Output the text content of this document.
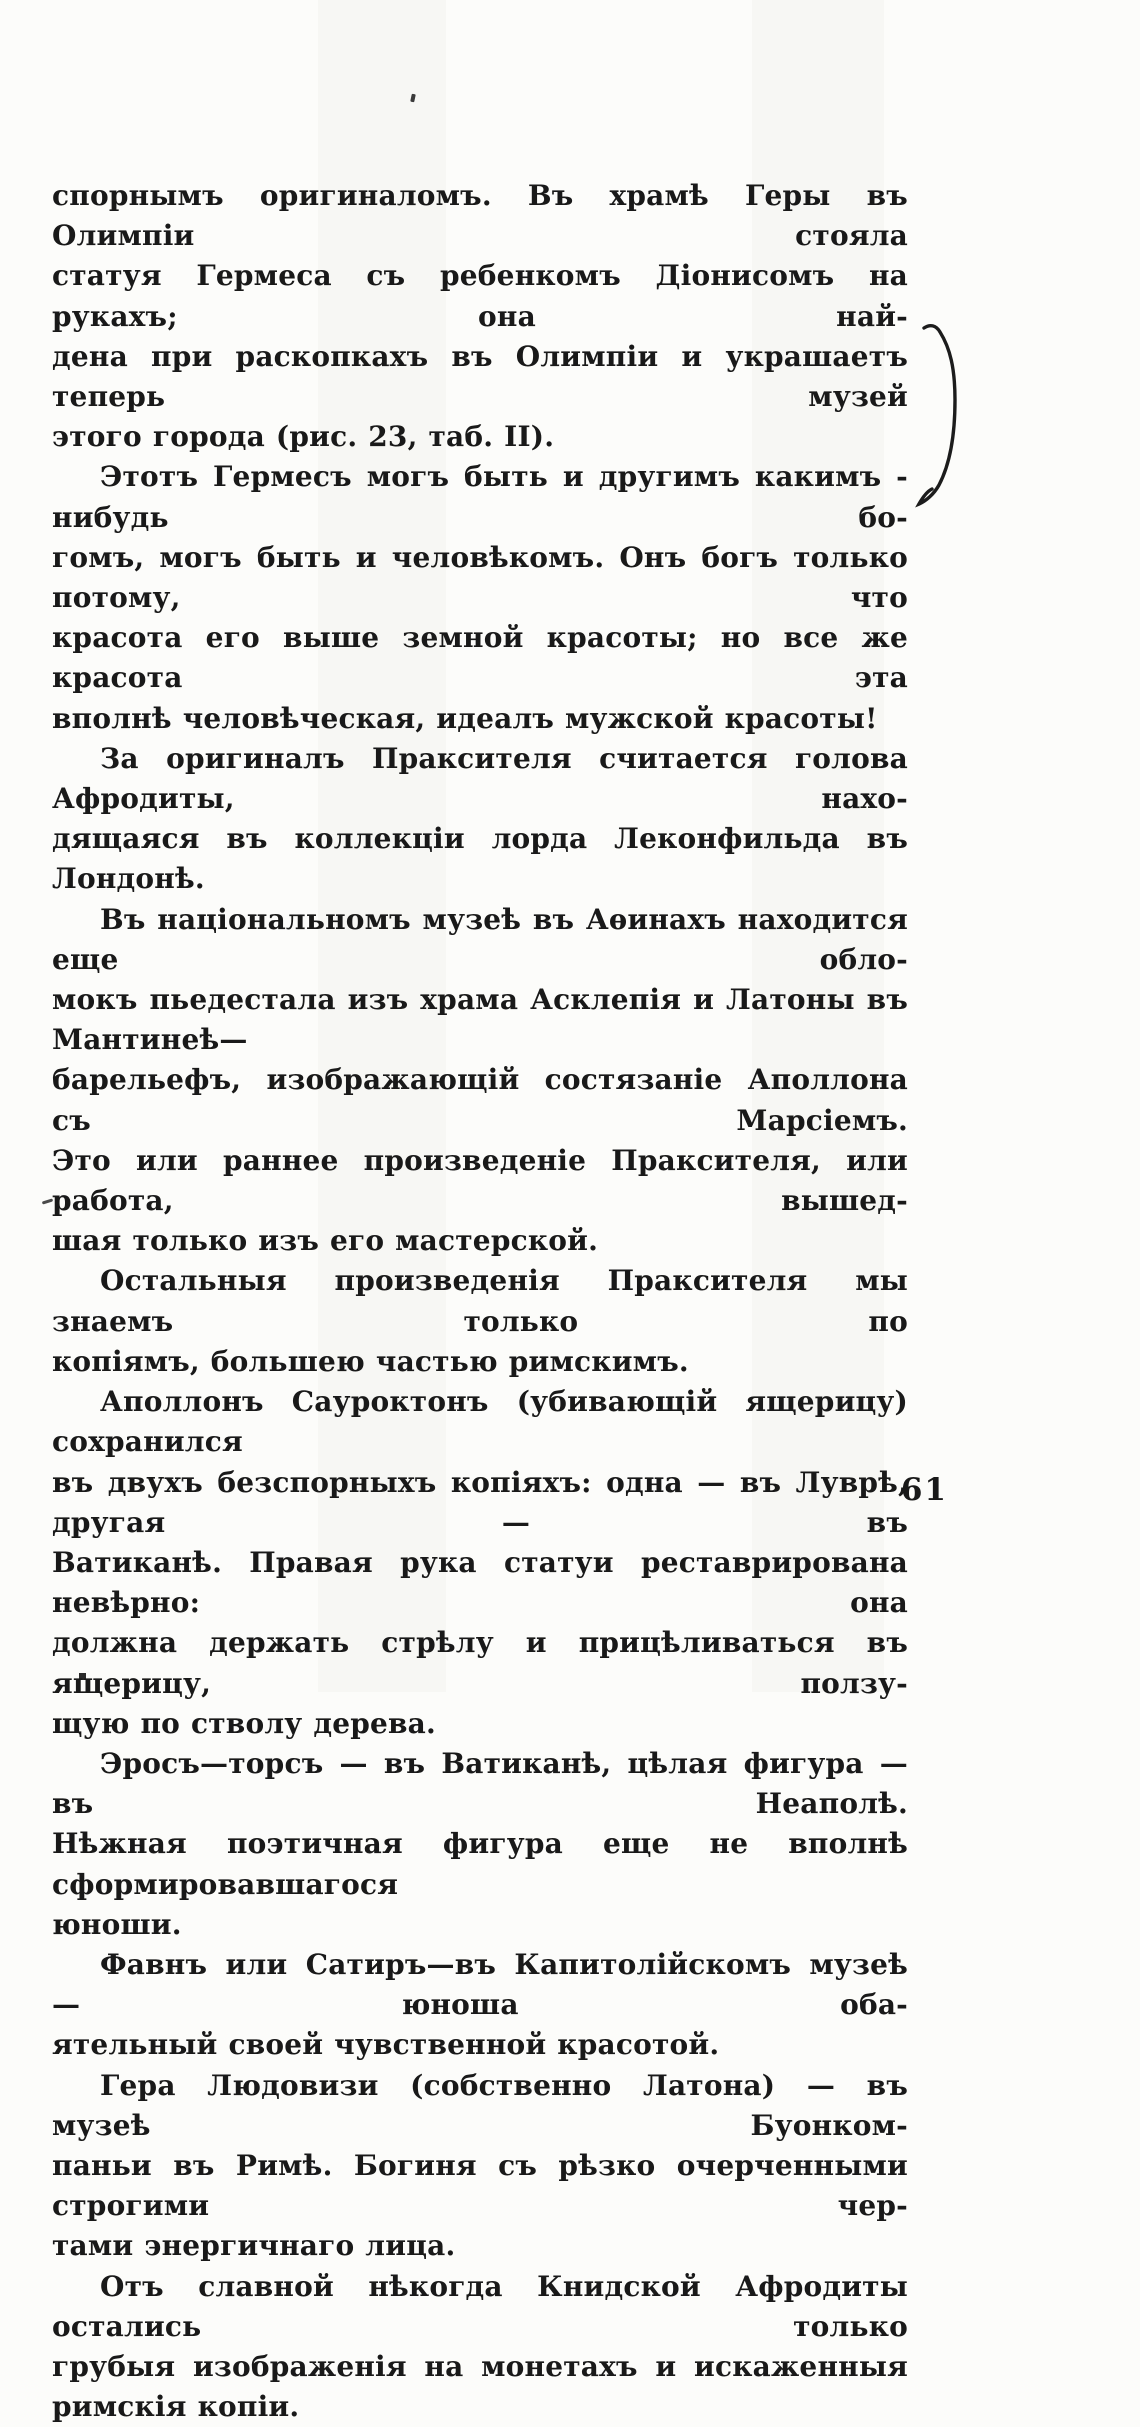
спорнымъ оригиналомъ. Въ храмѣ Геры въ Олимпіи стояла
статуя Гермеса съ ребенкомъ Діонисомъ на рукахъ; она най-
дена при раскопкахъ въ Олимпіи и украшаетъ теперь музей
этого города (рис. 23, таб. II).
Этотъ Гермесъ могъ быть и другимъ какимъ - нибудь бо-
гомъ, могъ быть и человѣкомъ. Онъ богъ только потому, что
красота его выше земной красоты; но все же красота эта
вполнѣ человѣческая, идеалъ мужской красоты!
За оригиналъ Праксителя считается голова Афродиты, нахо-
дящаяся въ коллекціи лорда Леконфильда въ Лондонѣ.
Въ національномъ музеѣ въ Аѳинахъ находится еще обло-
мокъ пьедестала изъ храма Асклепія и Латоны въ Мантинеѣ—
барельефъ, изображающій состязаніе Аполлона съ Марсіемъ.
Это или раннее произведеніе Праксителя, или работа, вышед-
шая только изъ его мастерской.
Остальныя произведенія Праксителя мы знаемъ только по
копіямъ, большею частью римскимъ.
Аполлонъ Сауроктонъ (убивающій ящерицу) сохранился
въ двухъ безспорныхъ копіяхъ: одна — въ Луврѣ, другая — въ
Ватиканѣ. Правая рука статуи реставрирована невѣрно: она
должна держать стрѣлу и прицѣливаться въ ящерицу, ползу-
щую по стволу дерева.
Эросъ—торсъ — въ Ватиканѣ, цѣлая фигура — въ Неаполѣ.
Нѣжная поэтичная фигура еще не вполнѣ сформировавшагося
юноши.
Фавнъ или Сатиръ—въ Капитолійскомъ музеѣ — юноша оба-
ятельный своей чувственной красотой.
Гера Людовизи (собственно Латона) — въ музеѣ Буонком-
паньи въ Римѣ. Богиня съ рѣзко очерченными строгими чер-
тами энергичнаго лица.
Отъ славной нѣкогда Книдской Афродиты остались только
грубыя изображенія на монетахъ и искаженныя римскія копіи.
61
